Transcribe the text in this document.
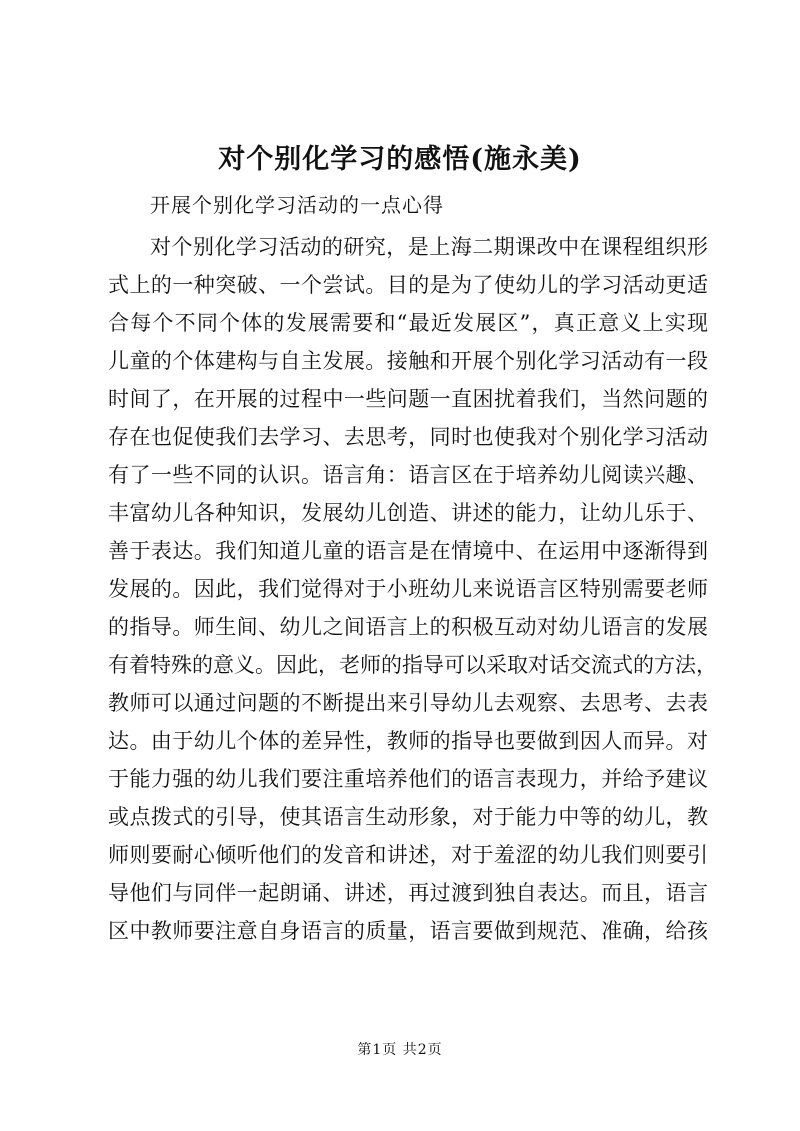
对个别化学习的感悟(施永美)
开展个别化学习活动的一点心得
对个别化学习活动的研究，是上海二期课改中在课程组织形
式上的一种突破、一个尝试。目的是为了使幼儿的学习活动更适
合每个不同个体的发展需要和“最近发展区”，真正意义上实现
儿童的个体建构与自主发展。接触和开展个别化学习活动有一段
时间了，在开展的过程中一些问题一直困扰着我们，当然问题的
存在也促使我们去学习、去思考，同时也使我对个别化学习活动
有了一些不同的认识。语言角：语言区在于培养幼儿阅读兴趣、
丰富幼儿各种知识，发展幼儿创造、讲述的能力，让幼儿乐于、
善于表达。我们知道儿童的语言是在情境中、在运用中逐渐得到
发展的。因此，我们觉得对于小班幼儿来说语言区特别需要老师
的指导。师生间、幼儿之间语言上的积极互动对幼儿语言的发展
有着特殊的意义。因此，老师的指导可以采取对话交流式的方法，
教师可以通过问题的不断提出来引导幼儿去观察、去思考、去表
达。由于幼儿个体的差异性，教师的指导也要做到因人而异。对
于能力强的幼儿我们要注重培养他们的语言表现力，并给予建议
或点拨式的引导，使其语言生动形象，对于能力中等的幼儿，教
师则要耐心倾听他们的发音和讲述，对于羞涩的幼儿我们则要引
导他们与同伴一起朗诵、讲述，再过渡到独自表达。而且，语言
区中教师要注意自身语言的质量，语言要做到规范、准确，给孩
第1页 共2页
